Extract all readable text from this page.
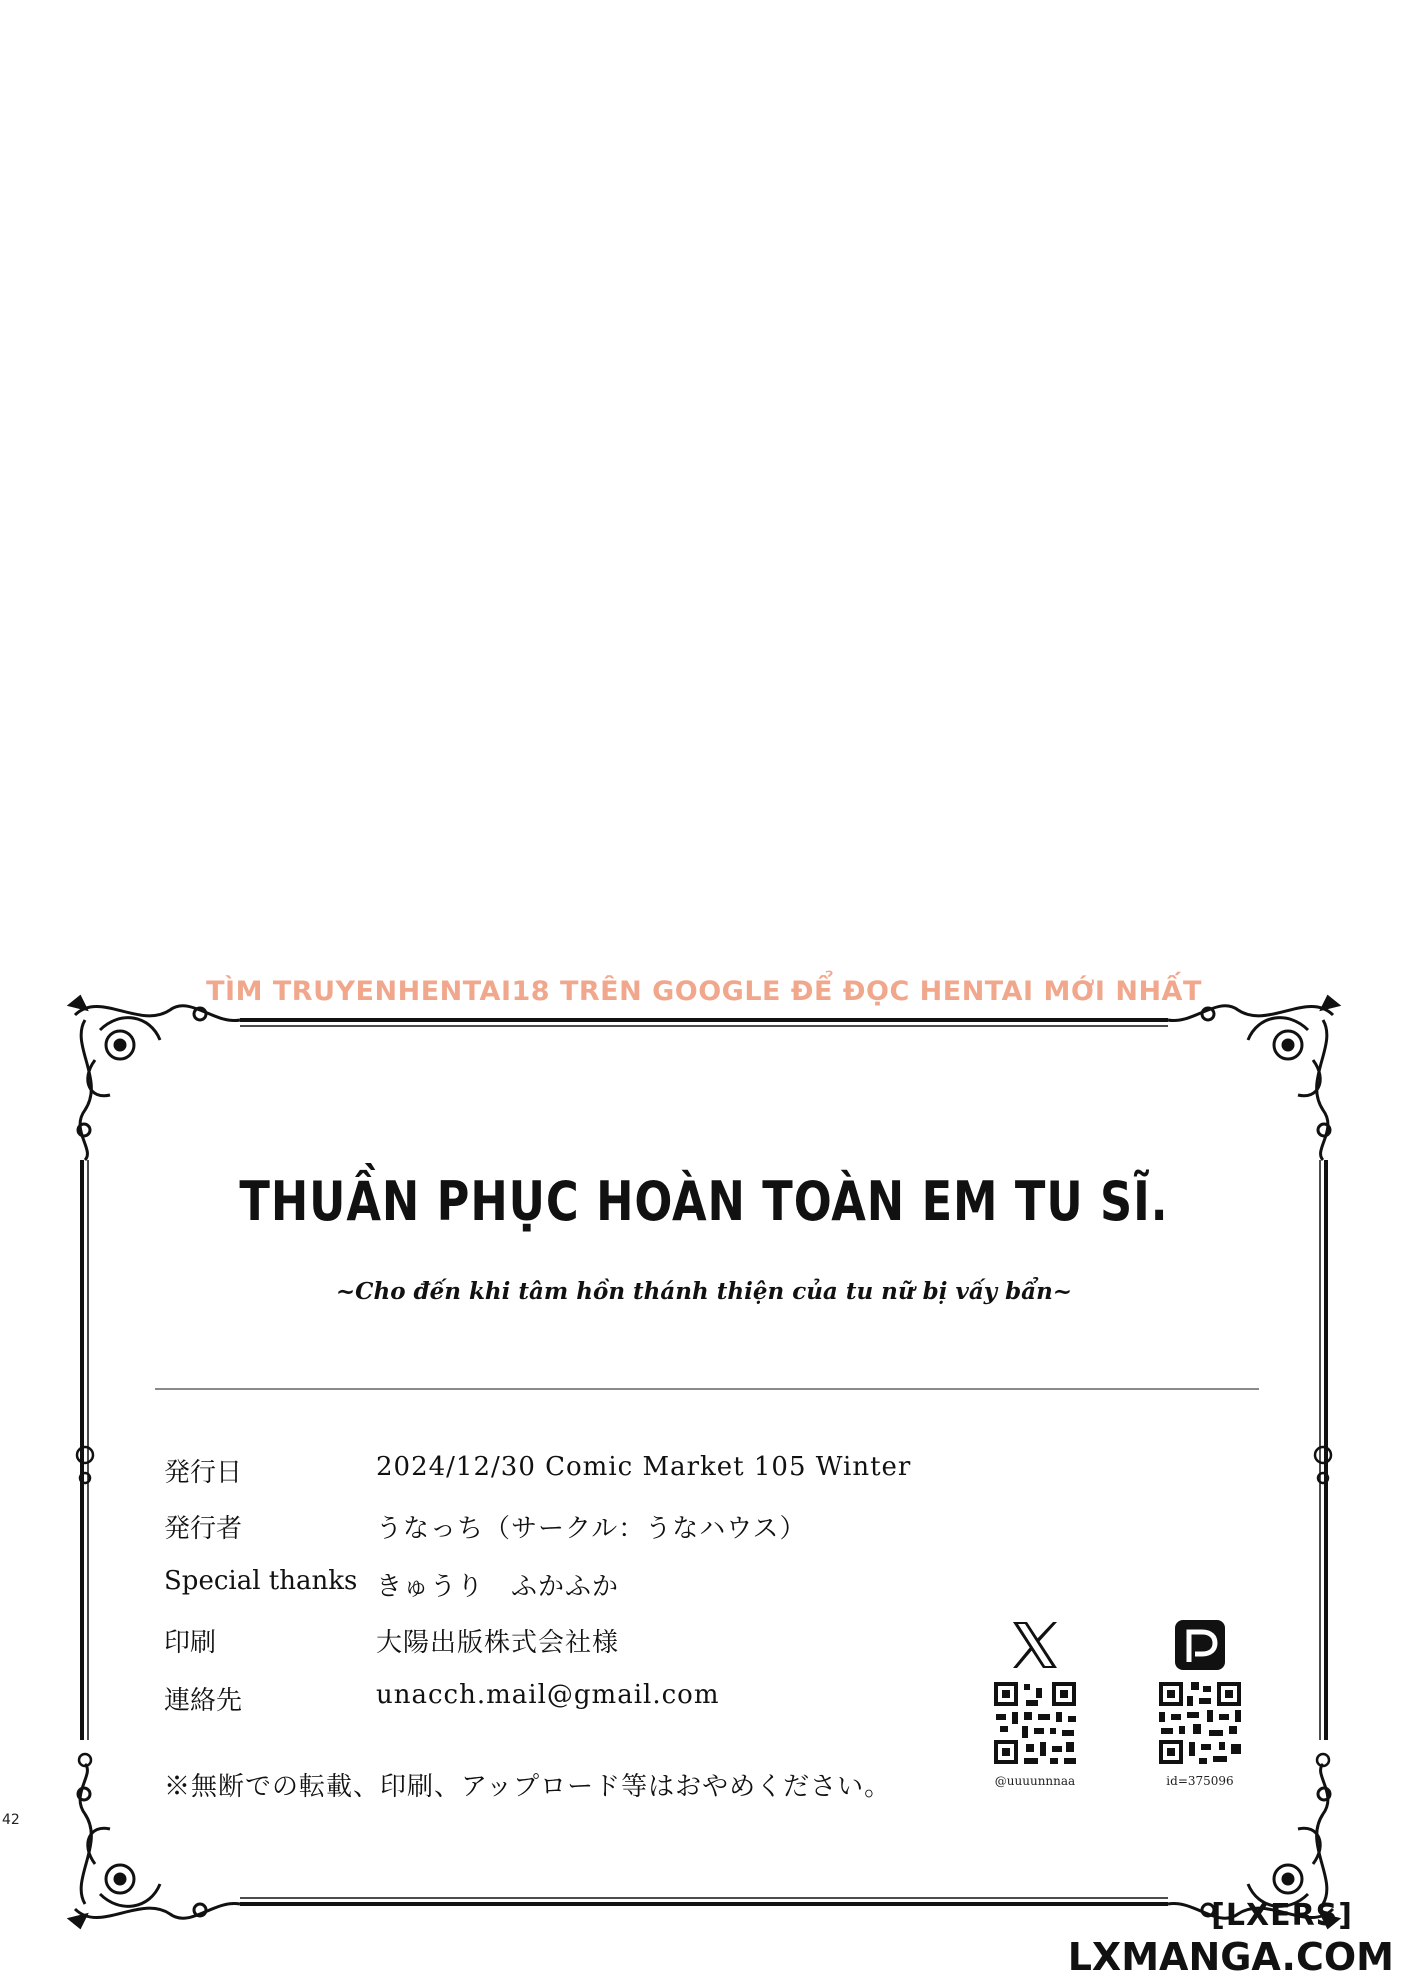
TÌM TRUYENHENTAI18 TRÊN GOOGLE ĐỂ ĐỌC HENTAI MỚI NHẤT
THUẦN PHỤC HOÀN TOÀN EM TU SĨ.
~Cho đến khi tâm hồn thánh thiện của tu nữ bị vấy bẩn~
発行日	2024/12/30 Comic Market 105 Winter
発行者	うなっち（サークル：うなハウス）
Special thanks きゅうり　ふかふか
印刷	大陽出版株式会社様
連絡先	unacch.mail@gmail.com
※無断での転載、印刷、アップロード等はおやめください。	@uuuunnnaa	id=375096
42
[LXERS]
LXMANGA.COM
